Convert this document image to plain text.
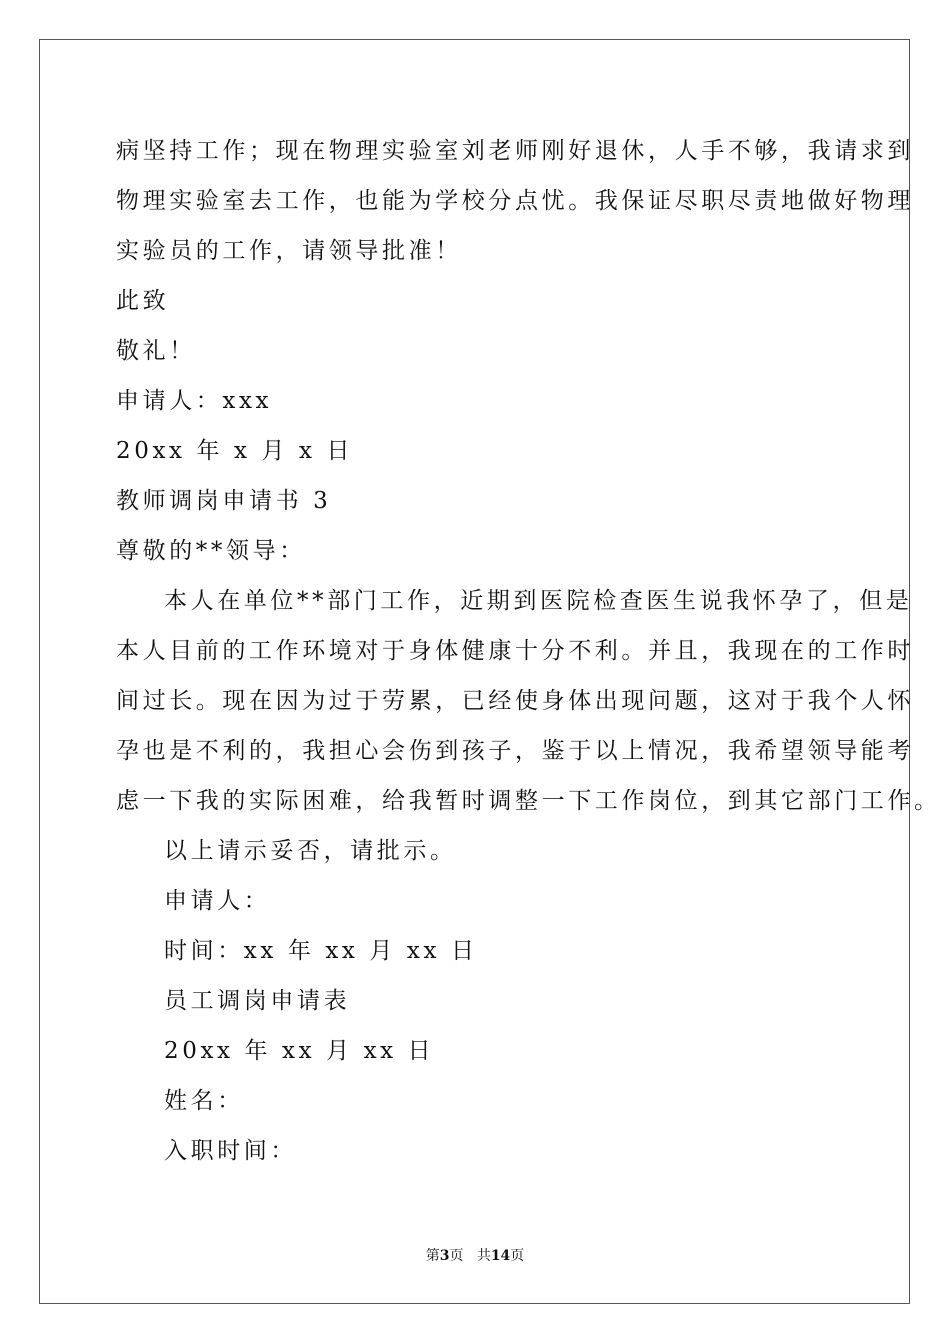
病坚持工作；现在物理实验室刘老师刚好退休，人手不够，我请求到
物理实验室去工作，也能为学校分点忧。我保证尽职尽责地做好物理
实验员的工作，请领导批准！
此致
敬礼！
申请人：xxx
20xx 年 x 月 x 日
教师调岗申请书 3
尊敬的**领导：
本人在单位**部门工作，近期到医院检查医生说我怀孕了，但是
本人目前的工作环境对于身体健康十分不利。并且，我现在的工作时
间过长。现在因为过于劳累，已经使身体出现问题，这对于我个人怀
孕也是不利的，我担心会伤到孩子，鉴于以上情况，我希望领导能考
虑一下我的实际困难，给我暂时调整一下工作岗位，到其它部门工作。
以上请示妥否，请批示。
申请人：
时间：xx 年 xx 月 xx 日
员工调岗申请表
20xx 年 xx 月 xx 日
姓名：
入职时间：
第3页 共14页
